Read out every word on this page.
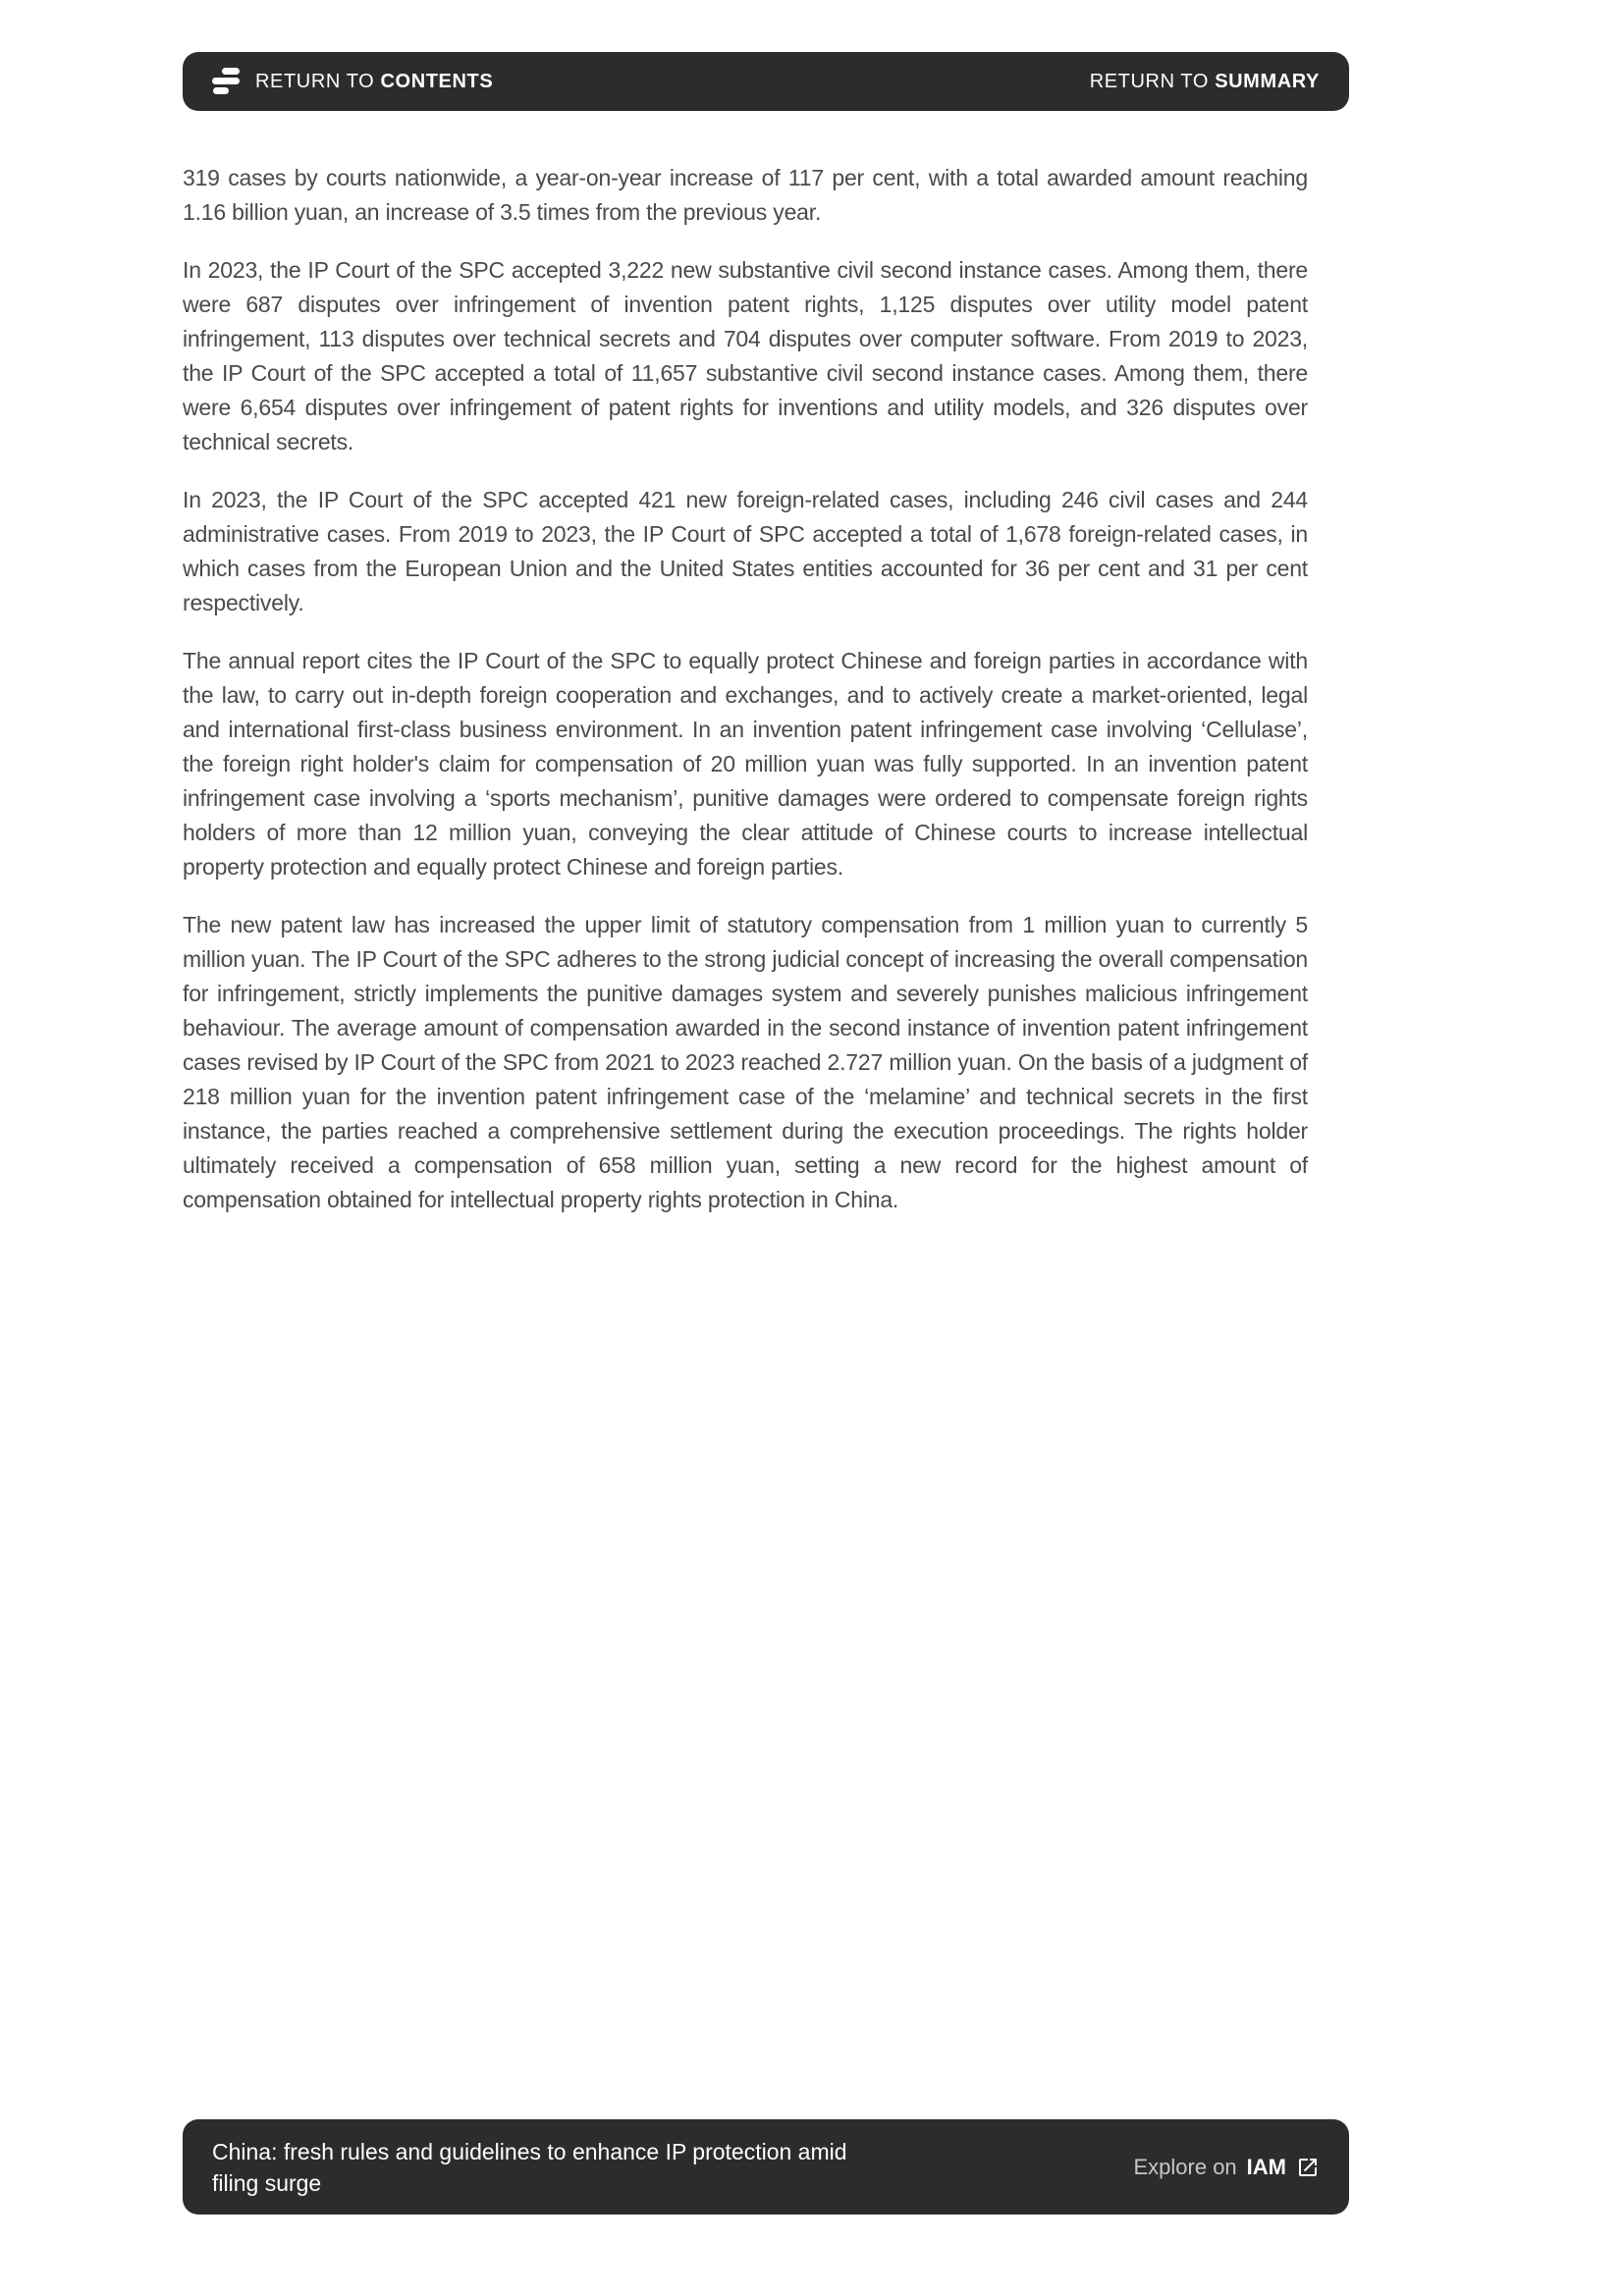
RETURN TO CONTENTS	RETURN TO SUMMARY

319 cases by courts nationwide, a year-on-year increase of 117 per cent, with a total awarded amount reaching 1.16 billion yuan, an increase of 3.5 times from the previous year.

In 2023, the IP Court of the SPC accepted 3,222 new substantive civil second instance cases. Among them, there were 687 disputes over infringement of invention patent rights, 1,125 disputes over utility model patent infringement, 113 disputes over technical secrets and 704 disputes over computer software. From 2019 to 2023, the IP Court of the SPC accepted a total of 11,657 substantive civil second instance cases. Among them, there were 6,654 disputes over infringement of patent rights for inventions and utility models, and 326 disputes over technical secrets.

In 2023, the IP Court of the SPC accepted 421 new foreign-related cases, including 246 civil cases and 244 administrative cases. From 2019 to 2023, the IP Court of SPC accepted a total of 1,678 foreign-related cases, in which cases from the European Union and the United States entities accounted for 36 per cent and 31 per cent respectively.

The annual report cites the IP Court of the SPC to equally protect Chinese and foreign parties in accordance with the law, to carry out in-depth foreign cooperation and exchanges, and to actively create a market-oriented, legal and international first-class business environment. In an invention patent infringement case involving ‘Cellulase’, the foreign right holder's claim for compensation of 20 million yuan was fully supported. In an invention patent infringement case involving a ‘sports mechanism’, punitive damages were ordered to compensate foreign rights holders of more than 12 million yuan, conveying the clear attitude of Chinese courts to increase intellectual property protection and equally protect Chinese and foreign parties.

The new patent law has increased the upper limit of statutory compensation from 1 million yuan to currently 5 million yuan. The IP Court of the SPC adheres to the strong judicial concept of increasing the overall compensation for infringement, strictly implements the punitive damages system and severely punishes malicious infringement behaviour. The average amount of compensation awarded in the second instance of invention patent infringement cases revised by IP Court of the SPC from 2021 to 2023 reached 2.727 million yuan. On the basis of a judgment of 218 million yuan for the invention patent infringement case of the ‘melamine’ and technical secrets in the first instance, the parties reached a comprehensive settlement during the execution proceedings. The rights holder ultimately received a compensation of 658 million yuan, setting a new record for the highest amount of compensation obtained for intellectual property rights protection in China.

China: fresh rules and guidelines to enhance IP protection amid filing surge
Explore on IAM
